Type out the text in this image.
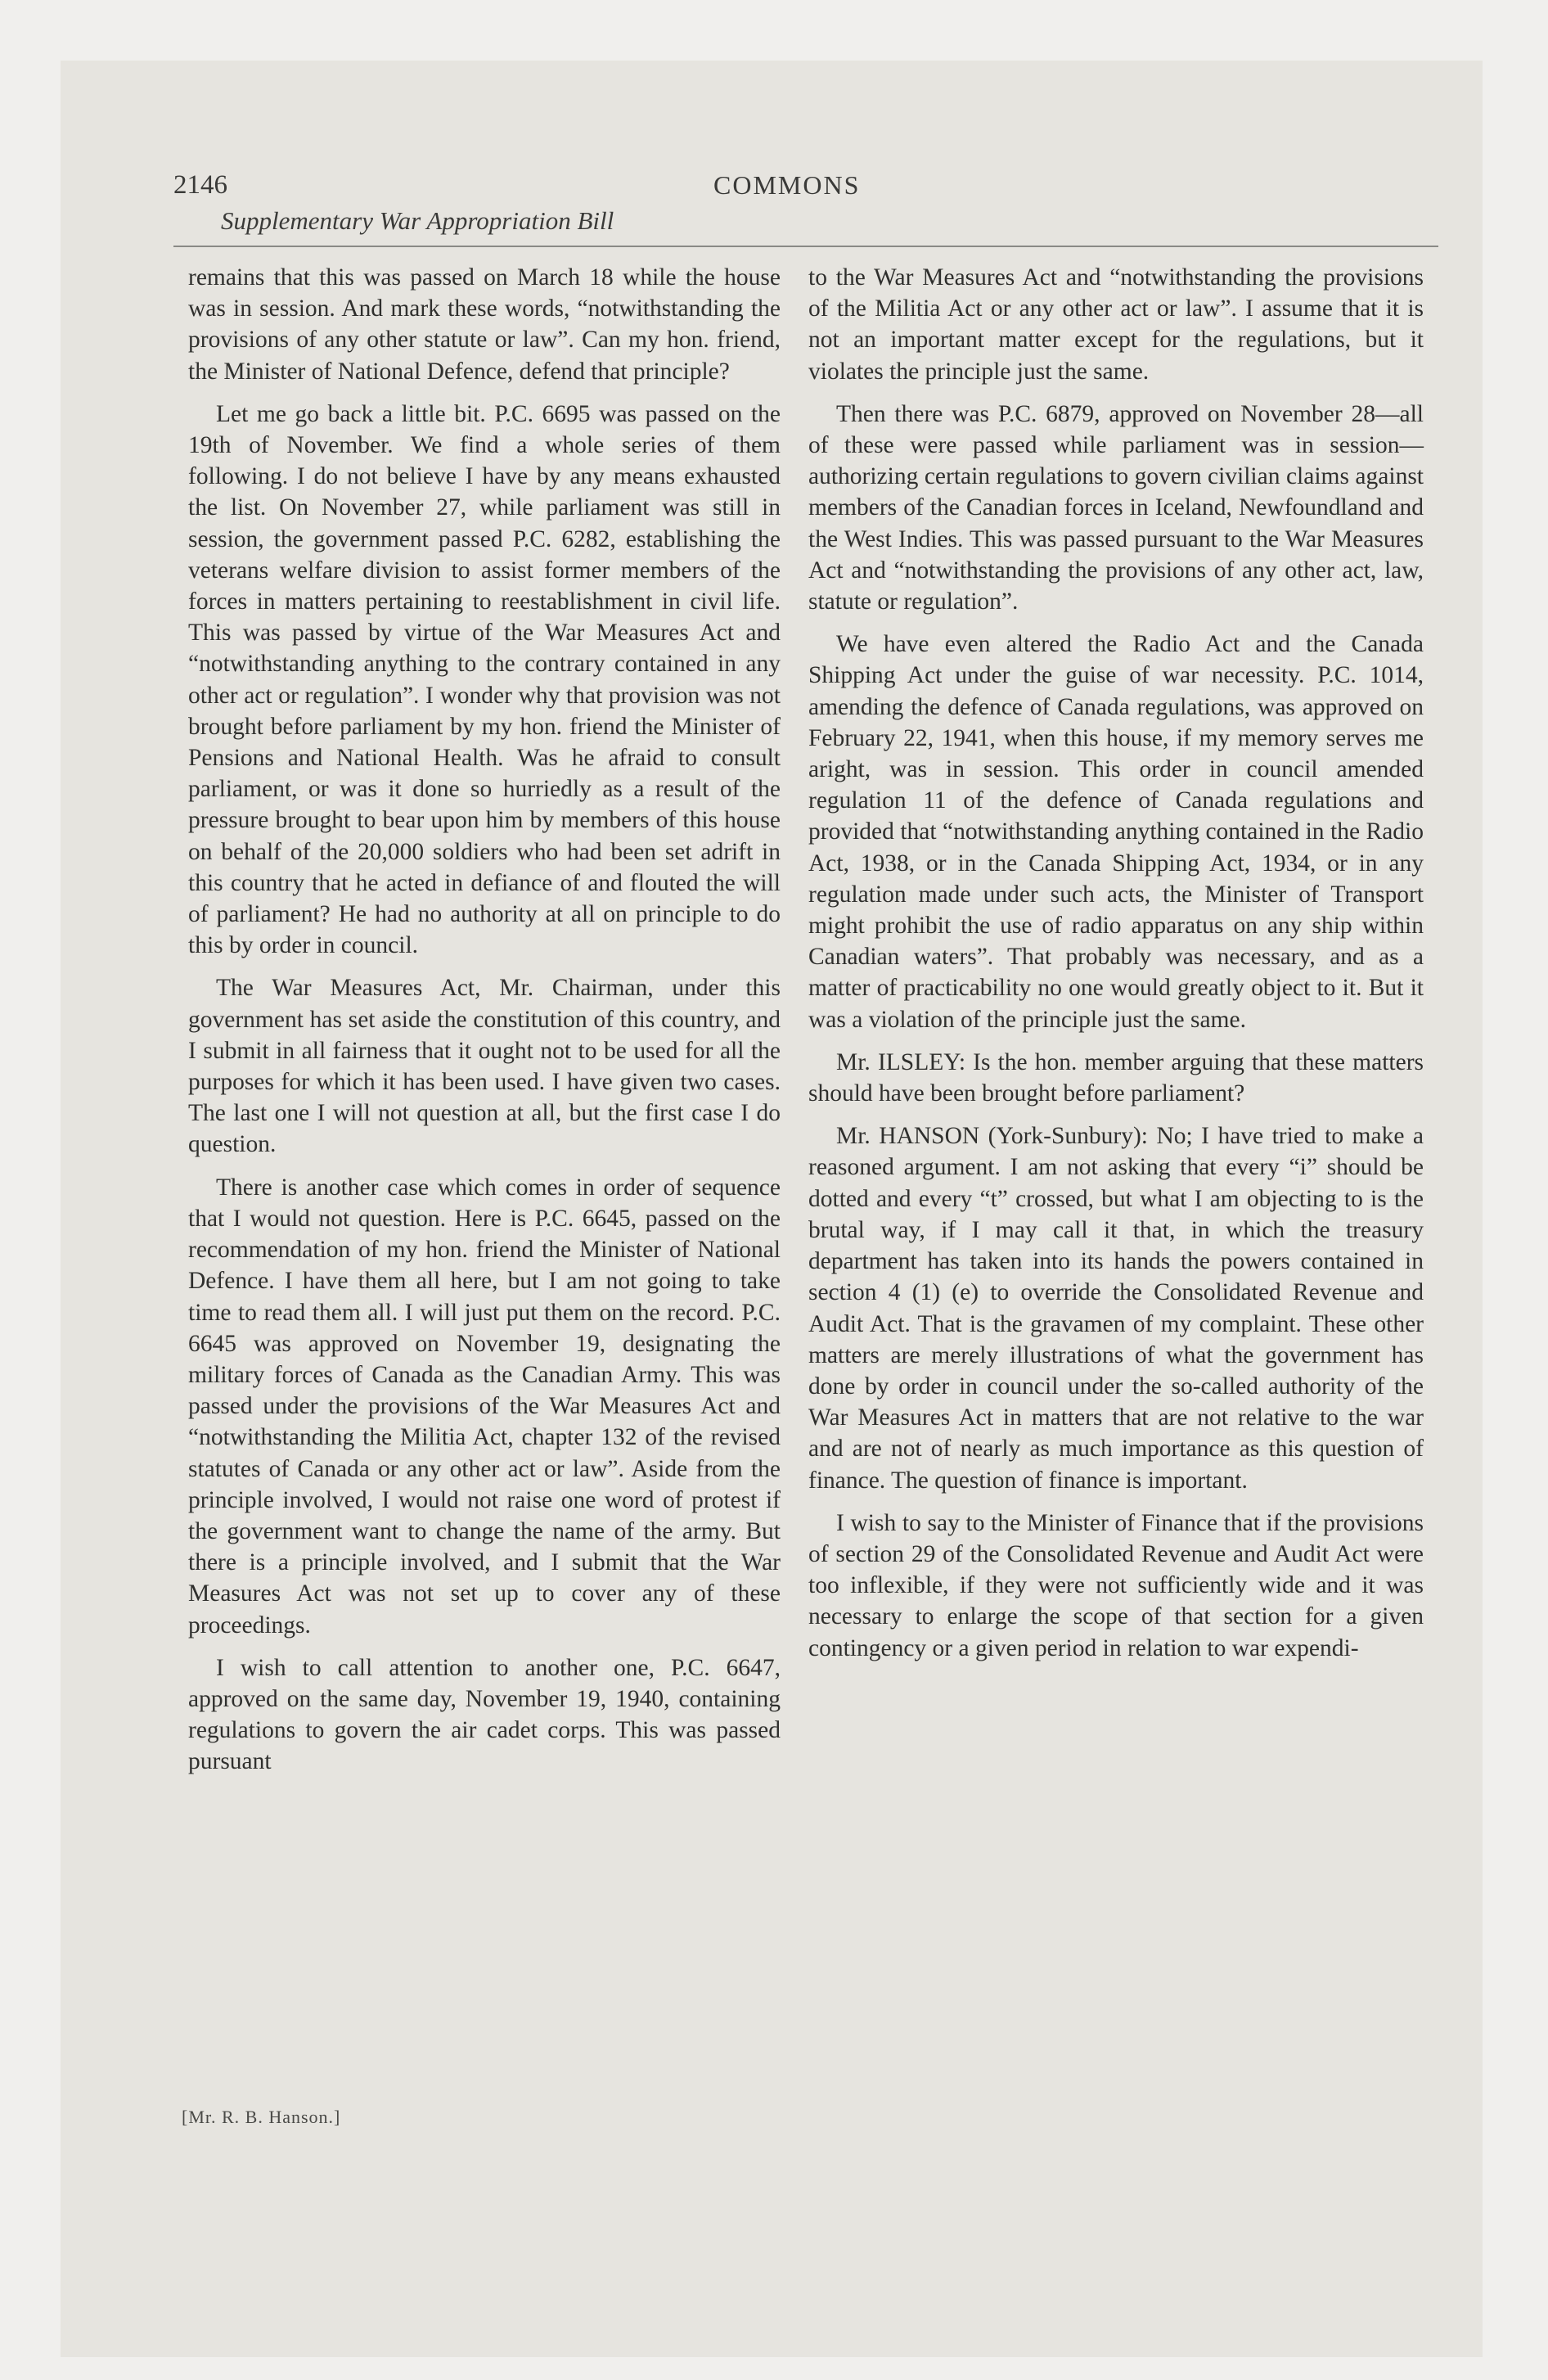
2146	COMMONS
Supplementary War Appropriation Bill

remains that this was passed on March 18 while the house was in session. And mark these words, “notwithstanding the provisions of any other statute or law”. Can my hon. friend, the Minister of National Defence, defend that principle?

Let me go back a little bit. P.C. 6695 was passed on the 19th of November. We find a whole series of them following. I do not believe I have by any means exhausted the list. On November 27, while parliament was still in session, the government passed P.C. 6282, establishing the veterans welfare division to assist former members of the forces in matters pertaining to reestablishment in civil life. This was passed by virtue of the War Measures Act and “notwithstanding anything to the contrary contained in any other act or regulation”. I wonder why that provision was not brought before parliament by my hon. friend the Minister of Pensions and National Health. Was he afraid to consult parliament, or was it done so hurriedly as a result of the pressure brought to bear upon him by members of this house on behalf of the 20,000 soldiers who had been set adrift in this country that he acted in defiance of and flouted the will of parliament? He had no authority at all on principle to do this by order in council.

The War Measures Act, Mr. Chairman, under this government has set aside the constitution of this country, and I submit in all fairness that it ought not to be used for all the purposes for which it has been used. I have given two cases. The last one I will not question at all, but the first case I do question.

There is another case which comes in order of sequence that I would not question. Here is P.C. 6645, passed on the recommendation of my hon. friend the Minister of National Defence. I have them all here, but I am not going to take time to read them all. I will just put them on the record. P.C. 6645 was approved on November 19, designating the military forces of Canada as the Canadian Army. This was passed under the provisions of the War Measures Act and “notwithstanding the Militia Act, chapter 132 of the revised statutes of Canada or any other act or law”. Aside from the principle involved, I would not raise one word of protest if the government want to change the name of the army. But there is a principle involved, and I submit that the War Measures Act was not set up to cover any of these proceedings.

I wish to call attention to another one, P.C. 6647, approved on the same day, November 19, 1940, containing regulations to govern the air cadet corps. This was passed pursuant

to the War Measures Act and “notwithstanding the provisions of the Militia Act or any other act or law”. I assume that it is not an important matter except for the regulations, but it violates the principle just the same.

Then there was P.C. 6879, approved on November 28—all of these were passed while parliament was in session—authorizing certain regulations to govern civilian claims against members of the Canadian forces in Iceland, Newfoundland and the West Indies. This was passed pursuant to the War Measures Act and “notwithstanding the provisions of any other act, law, statute or regulation”.

We have even altered the Radio Act and the Canada Shipping Act under the guise of war necessity. P.C. 1014, amending the defence of Canada regulations, was approved on February 22, 1941, when this house, if my memory serves me aright, was in session. This order in council amended regulation 11 of the defence of Canada regulations and provided that “notwithstanding anything contained in the Radio Act, 1938, or in the Canada Shipping Act, 1934, or in any regulation made under such acts, the Minister of Transport might prohibit the use of radio apparatus on any ship within Canadian waters”. That probably was necessary, and as a matter of practicability no one would greatly object to it. But it was a violation of the principle just the same.

Mr. ILSLEY: Is the hon. member arguing that these matters should have been brought before parliament?

Mr. HANSON (York-Sunbury): No; I have tried to make a reasoned argument. I am not asking that every “i” should be dotted and every “t” crossed, but what I am objecting to is the brutal way, if I may call it that, in which the treasury department has taken into its hands the powers contained in section 4 (1) (e) to override the Consolidated Revenue and Audit Act. That is the gravamen of my complaint. These other matters are merely illustrations of what the government has done by order in council under the so-called authority of the War Measures Act in matters that are not relative to the war and are not of nearly as much importance as this question of finance. The question of finance is important.

I wish to say to the Minister of Finance that if the provisions of section 29 of the Consolidated Revenue and Audit Act were too inflexible, if they were not sufficiently wide and it was necessary to enlarge the scope of that section for a given contingency or a given period in relation to war expendi-

[Mr. R. B. Hanson.]
